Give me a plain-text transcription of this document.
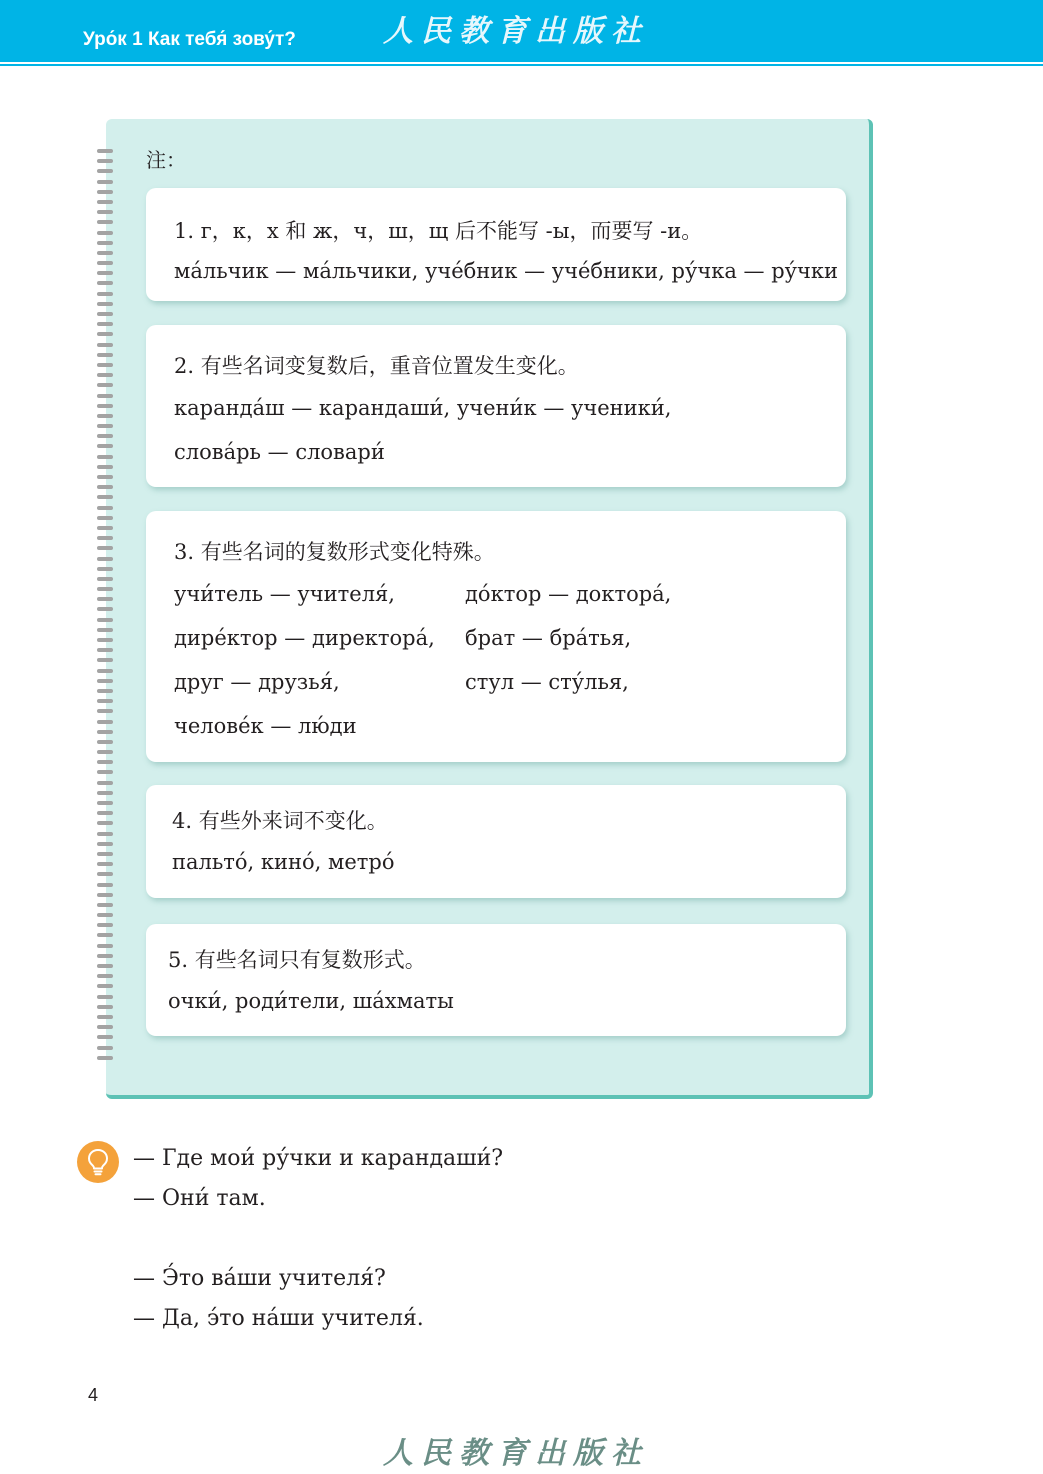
Уро́к 1 Как тебя́ зову́т?	人民教育出版社
注：
1. г，к，х 和 ж，ч，ш，щ 后不能写 -ы，而要写 -и。
ма́льчик — ма́льчики, уче́бник — уче́бники, ру́чка — ру́чки
2. 有些名词变复数后，重音位置发生变化。
каранда́ш — карандаши́, учени́к — ученики́,
слова́рь — словари́
3. 有些名词的复数形式变化特殊。
учи́тель — учителя́,
дире́ктор — директора́,
друг — друзья́,
челове́к — лю́ди
до́ктор — доктора́,
брат — бра́тья,
стул — сту́лья,
4. 有些外来词不变化。
пальто́, кино́, метро́
5. 有些名词只有复数形式。
очки́, роди́тели, ша́хматы
— Где мои́ ру́чки и карандаши́?
— Они́ там.
— Э́то ва́ши учителя́?
— Да, э́то на́ши учителя́.
4
人民教育出版社
